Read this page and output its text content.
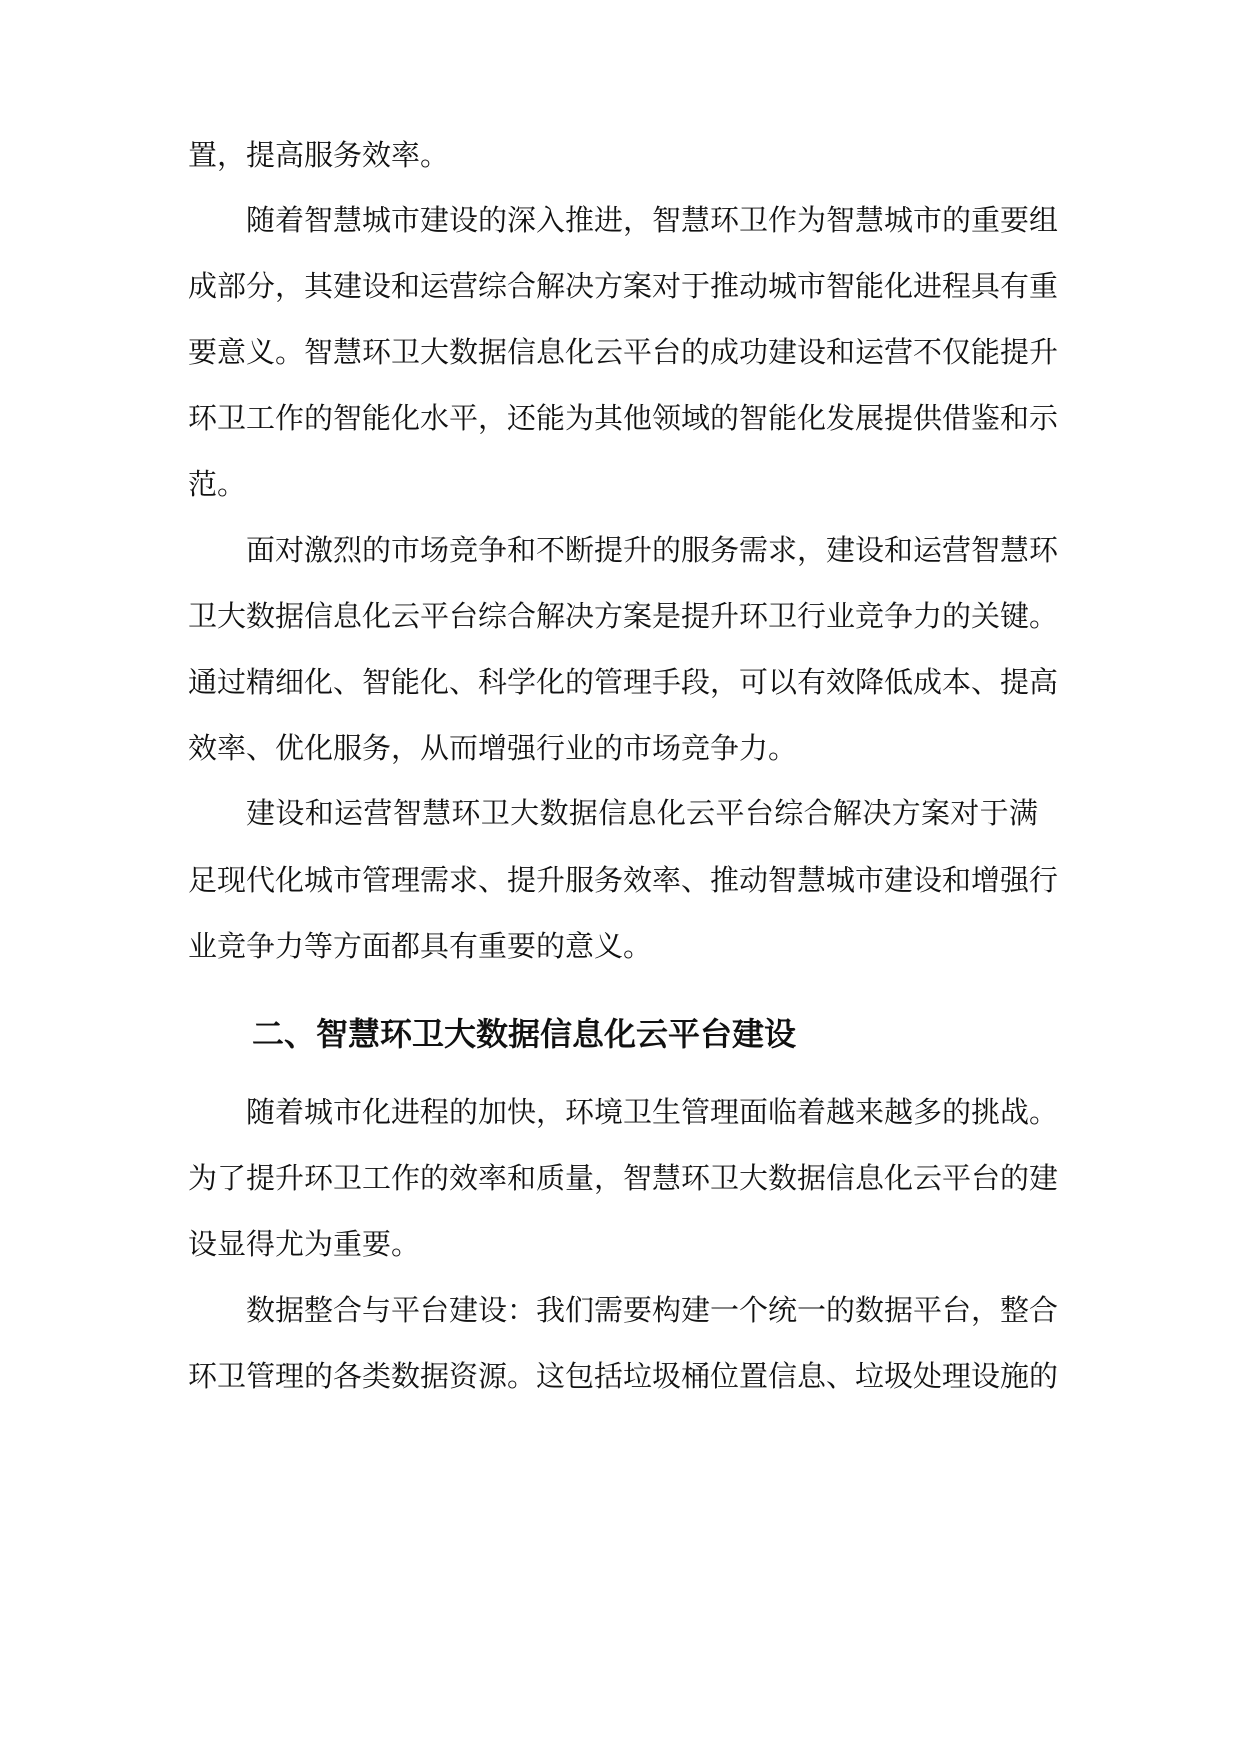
置，提高服务效率。
随着智慧城市建设的深入推进，智慧环卫作为智慧城市的重要组
成部分，其建设和运营综合解决方案对于推动城市智能化进程具有重
要意义。智慧环卫大数据信息化云平台的成功建设和运营不仅能提升
环卫工作的智能化水平，还能为其他领域的智能化发展提供借鉴和示
范。
面对激烈的市场竞争和不断提升的服务需求，建设和运营智慧环
卫大数据信息化云平台综合解决方案是提升环卫行业竞争力的关键。
通过精细化、智能化、科学化的管理手段，可以有效降低成本、提高
效率、优化服务，从而增强行业的市场竞争力。
建设和运营智慧环卫大数据信息化云平台综合解决方案对于满
足现代化城市管理需求、提升服务效率、推动智慧城市建设和增强行
业竞争力等方面都具有重要的意义。
二、智慧环卫大数据信息化云平台建设
随着城市化进程的加快，环境卫生管理面临着越来越多的挑战。
为了提升环卫工作的效率和质量，智慧环卫大数据信息化云平台的建
设显得尤为重要。
数据整合与平台建设：我们需要构建一个统一的数据平台，整合
环卫管理的各类数据资源。这包括垃圾桶位置信息、垃圾处理设施的
